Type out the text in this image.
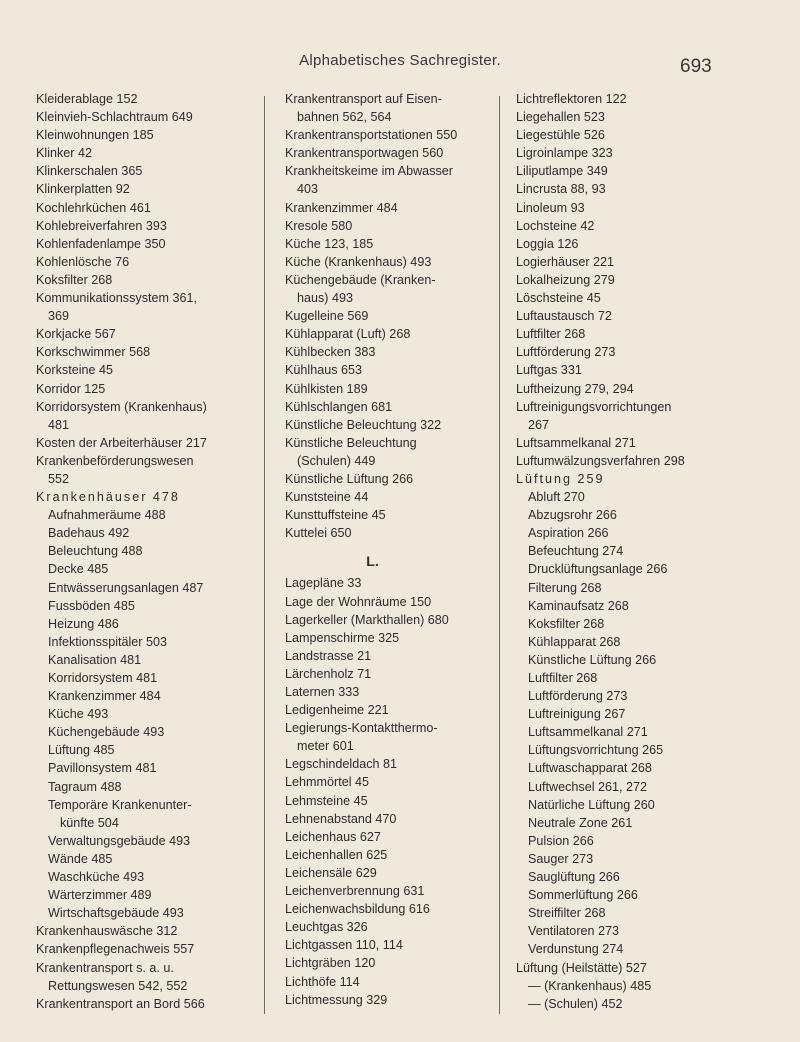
Alphabetisches Sachregister.	693
Kleiderablage 152
Kleinvieh-Schlachtraum 649
Kleinwohnungen 185
Klinker 42
Klinkerschalen 365
Klinkerplatten 92
Kochlehrküchen 461
Kohlebreiverfahren 393
Kohlenfadenlampe 350
Kohlenlösche 76
Koksfilter 268
Kommunikationssystem 361,
369
Korkjacke 567
Korkschwimmer 568
Korksteine 45
Korridor 125
Korridorsystem (Krankenhaus)
481
Kosten der Arbeiterhäuser 217
Krankenbeförderungswesen
552
Krankenhäuser 478
Aufnahmeräume 488
Badehaus 492
Beleuchtung 488
Decke 485
Entwässerungsanlagen 487
Fussböden 485
Heizung 486
Infektionsspitäler 503
Kanalisation 481
Korridorsystem 481
Krankenzimmer 484
Küche 493
Küchengebäude 493
Lüftung 485
Pavillonsystem 481
Tagraum 488
Temporäre Krankenunter-
künfte 504
Verwaltungsgebäude 493
Wände 485
Waschküche 493
Wärterzimmer 489
Wirtschaftsgebäude 493
Krankenhauswäsche 312
Krankenpflegenachweis 557
Krankentransport s. a. u.
Rettungswesen 542, 552
Krankentransport an Bord 566
Krankentransport auf Eisen-
bahnen 562, 564
Krankentransportstationen 550
Krankentransportwagen 560
Krankheitskeime im Abwasser
403
Krankenzimmer 484
Kresole 580
Küche 123, 185
Küche (Krankenhaus) 493
Küchengebäude (Kranken-
haus) 493
Kugelleine 569
Kühlapparat (Luft) 268
Kühlbecken 383
Kühlhaus 653
Kühlkisten 189
Kühlschlangen 681
Künstliche Beleuchtung 322
Künstliche Beleuchtung
(Schulen) 449
Künstliche Lüftung 266
Kunststeine 44
Kunsttuffsteine 45
Kuttelei 650
L.
Lagepläne 33
Lage der Wohnräume 150
Lagerkeller (Markthallen) 680
Lampenschirme 325
Landstrasse 21
Lärchenholz 71
Laternen 333
Ledigenheime 221
Legierungs-Kontaktthermo-
meter 601
Legschindeldach 81
Lehmmörtel 45
Lehmsteine 45
Lehnenabstand 470
Leichenhaus 627
Leichenhallen 625
Leichensäle 629
Leichenverbrennung 631
Leichenwachsbildung 616
Leuchtgas 326
Lichtgassen 110, 114
Lichtgräben 120
Lichthöfe 114
Lichtmessung 329
Lichtreflektoren 122
Liegehallen 523
Liegestühle 526
Ligroinlampe 323
Liliputlampe 349
Lincrusta 88, 93
Linoleum 93
Lochsteine 42
Loggia 126
Logierhäuser 221
Lokalheizung 279
Löschsteine 45
Luftaustausch 72
Luftfilter 268
Luftförderung 273
Luftgas 331
Luftheizung 279, 294
Luftreinigungsvorrichtungen
267
Luftsammelkanal 271
Luftumwälzungsverfahren 298
Lüftung 259
Abluft 270
Abzugsrohr 266
Aspiration 266
Befeuchtung 274
Drucklüftungsanlage 266
Filterung 268
Kaminaufsatz 268
Koksfilter 268
Kühlapparat 268
Künstliche Lüftung 266
Luftfilter 268
Luftförderung 273
Luftreinigung 267
Luftsammelkanal 271
Lüftungsvorrichtung 265
Luftwaschapparat 268
Luftwechsel 261, 272
Natürliche Lüftung 260
Neutrale Zone 261
Pulsion 266
Sauger 273
Sauglüftung 266
Sommerlüftung 266
Streiffilter 268
Ventilatoren 273
Verdunstung 274
Lüftung (Heilstätte) 527
— (Krankenhaus) 485
— (Schulen) 452
